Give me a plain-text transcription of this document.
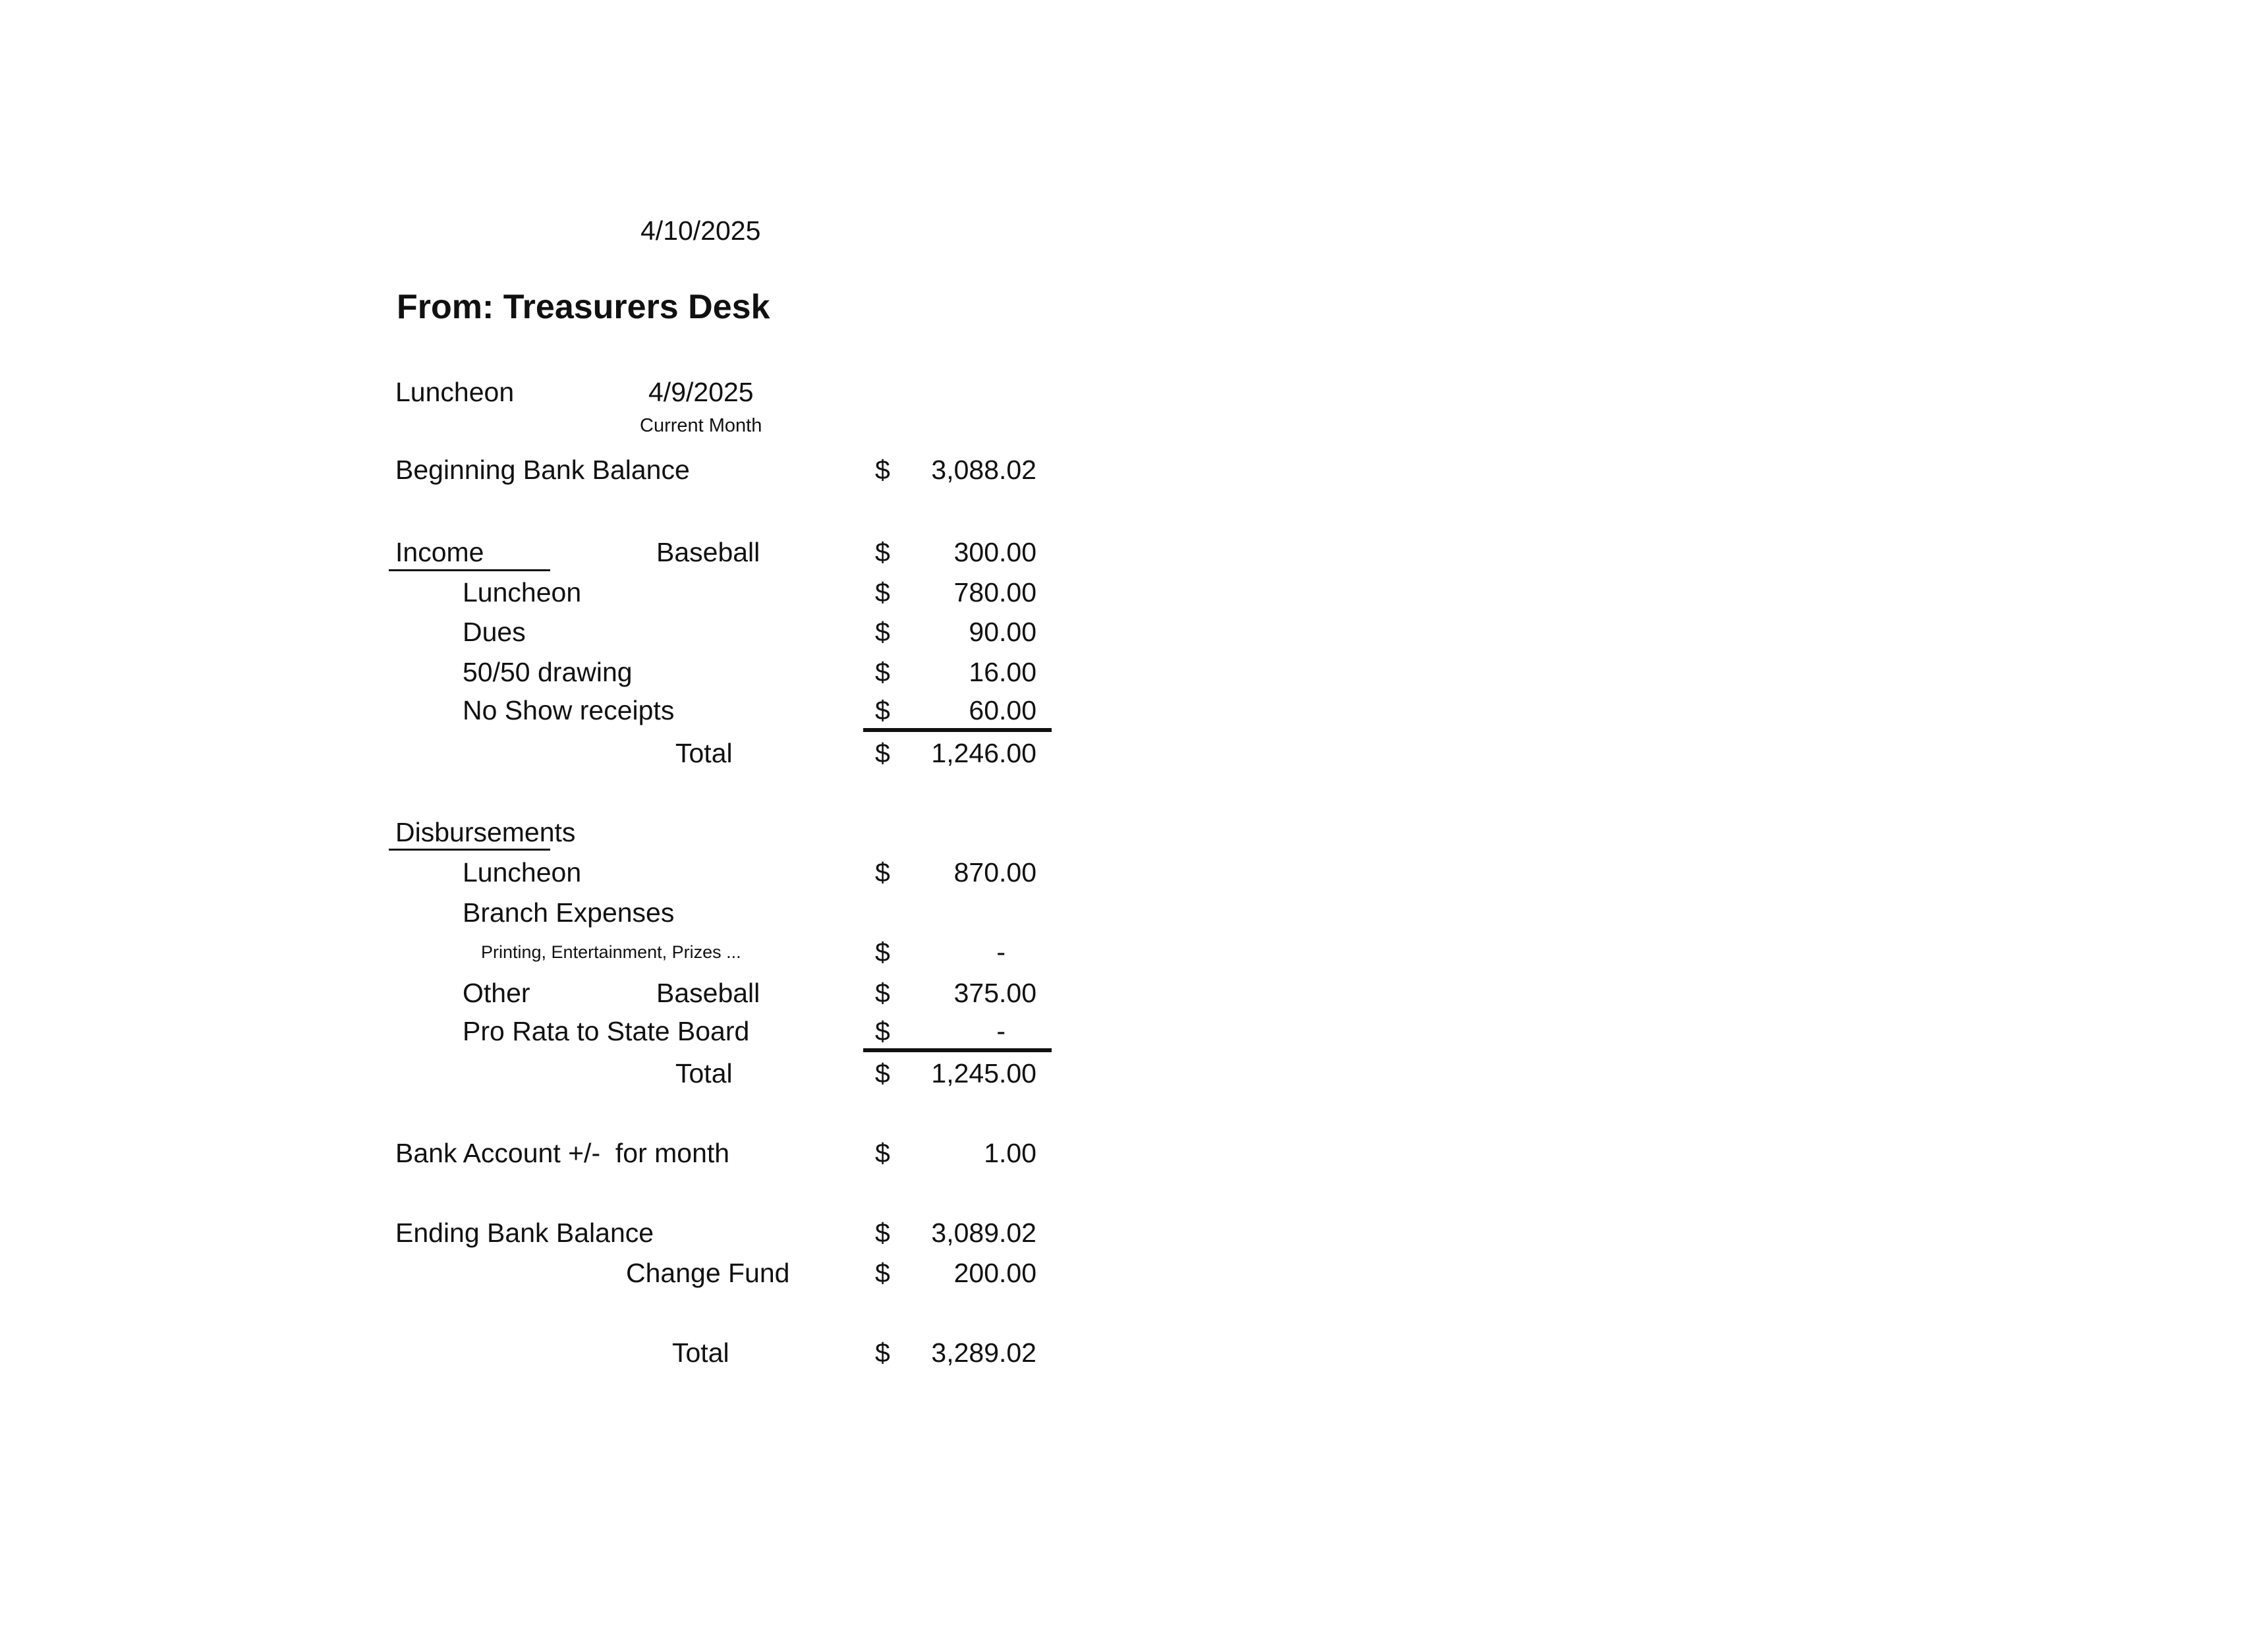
4/10/2025
From: Treasurers Desk
Luncheon	4/9/2025
Current Month
Beginning Bank Balance	$	3,088.02
Income	Baseball	$	300.00
Luncheon	$	780.00
Dues	$	90.00
50/50 drawing	$	16.00
No Show receipts	$	60.00
Total	$	1,246.00
Disbursements
Luncheon	$	870.00
Branch Expenses
Printing, Entertainment, Prizes ...	$	-
Other	Baseball	$	375.00
Pro Rata to State Board	$	-
Total	$	1,245.00
Bank Account +/-  for month	$	1.00
Ending Bank Balance	$	3,089.02
Change Fund	$	200.00
Total	$	3,289.02
